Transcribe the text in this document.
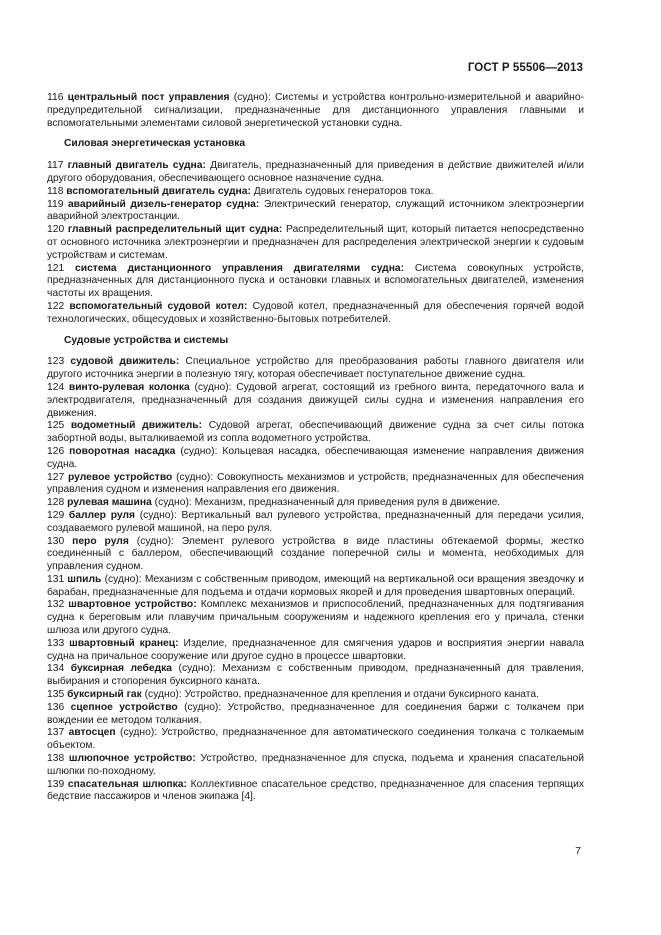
ГОСТ Р 55506—2013

116 центральный пост управления (судно): Системы и устройства контрольно-измерительной и аварийно-предупредительной сигнализации, предназначенные для дистанционного управления главными и вспомогательными элементами силовой энергетической установки судна.

Силовая энергетическая установка

117 главный двигатель судна: Двигатель, предназначенный для приведения в действие движителей и/или другого оборудования, обеспечивающего основное назначение судна.

118 вспомогательный двигатель судна: Двигатель судовых генераторов тока.

119 аварийный дизель-генератор судна: Электрический генератор, служащий источником электроэнергии аварийной электростанции.

120 главный распределительный щит судна: Распределительный щит, который питается непосредственно от основного источника электроэнергии и предназначен для распределения электрической энергии к судовым устройствам и системам.

121 система дистанционного управления двигателями судна: Система совокупных устройств, предназначенных для дистанционного пуска и остановки главных и вспомогательных двигателей, изменения частоты их вращения.

122 вспомогательный судовой котел: Судовой котел, предназначенный для обеспечения горячей водой технологических, общесудовых и хозяйственно-бытовых потребителей.

Судовые устройства и системы

123 судовой движитель: Специальное устройство для преобразования работы главного двигателя или другого источника энергии в полезную тягу, которая обеспечивает поступательное движение судна.

124 винто-рулевая колонка (судно): Судовой агрегат, состоящий из гребного винта, передаточного вала и электродвигателя, предназначенный для создания движущей силы судна и изменения направления его движения.

125 водометный движитель: Судовой агрегат, обеспечивающий движение судна за счет силы потока забортной воды, выталкиваемой из сопла водометного устройства.

126 поворотная насадка (судно): Кольцевая насадка, обеспечивающая изменение направления движения судна.

127 рулевое устройство (судно): Совокупность механизмов и устройств, предназначенных для обеспечения управления судном и изменения направления его движения.

128 рулевая машина (судно): Механизм, предназначенный для приведения руля в движение.

129 баллер руля (судно): Вертикальный вал рулевого устройства, предназначенный для передачи усилия, создаваемого рулевой машиной, на перо руля.

130 перо руля (судно): Элемент рулевого устройства в виде пластины обтекаемой формы, жестко соединенный с баллером, обеспечивающий создание поперечной силы и момента, необходимых для управления судном.

131 шпиль (судно): Механизм с собственным приводом, имеющий на вертикальной оси вращения звездочку и барабан, предназначенные для подъема и отдачи кормовых якорей и для проведения швартовных операций.

132 швартовное устройство: Комплекс механизмов и приспособлений, предназначенных для подтягивания судна к береговым или плавучим причальным сооружениям и надежного крепления его у причала, стенки шлюза или другого судна.

133 швартовный кранец: Изделие, предназначенное для смягчения ударов и восприятия энергии навала судна на причальное сооружение или другое судно в процессе швартовки.

134 буксирная лебедка (судно): Механизм с собственным приводом, предназначенный для травления, выбирания и стопорения буксирного каната.

135 буксирный гак (судно): Устройство, предназначенное для крепления и отдачи буксирного каната.

136 сцепное устройство (судно): Устройство, предназначенное для соединения баржи с толкачем при вождении ее методом толкания.

137 автосцеп (судно): Устройство, предназначенное для автоматического соединения толкача с толкаемым объектом.

138 шлюпочное устройство: Устройство, предназначенное для спуска, подъема и хранения спасательной шлюпки по-походному.

139 спасательная шлюпка: Коллективное спасательное средство, предназначенное для спасения терпящих бедствие пассажиров и членов экипажа [4].

7
